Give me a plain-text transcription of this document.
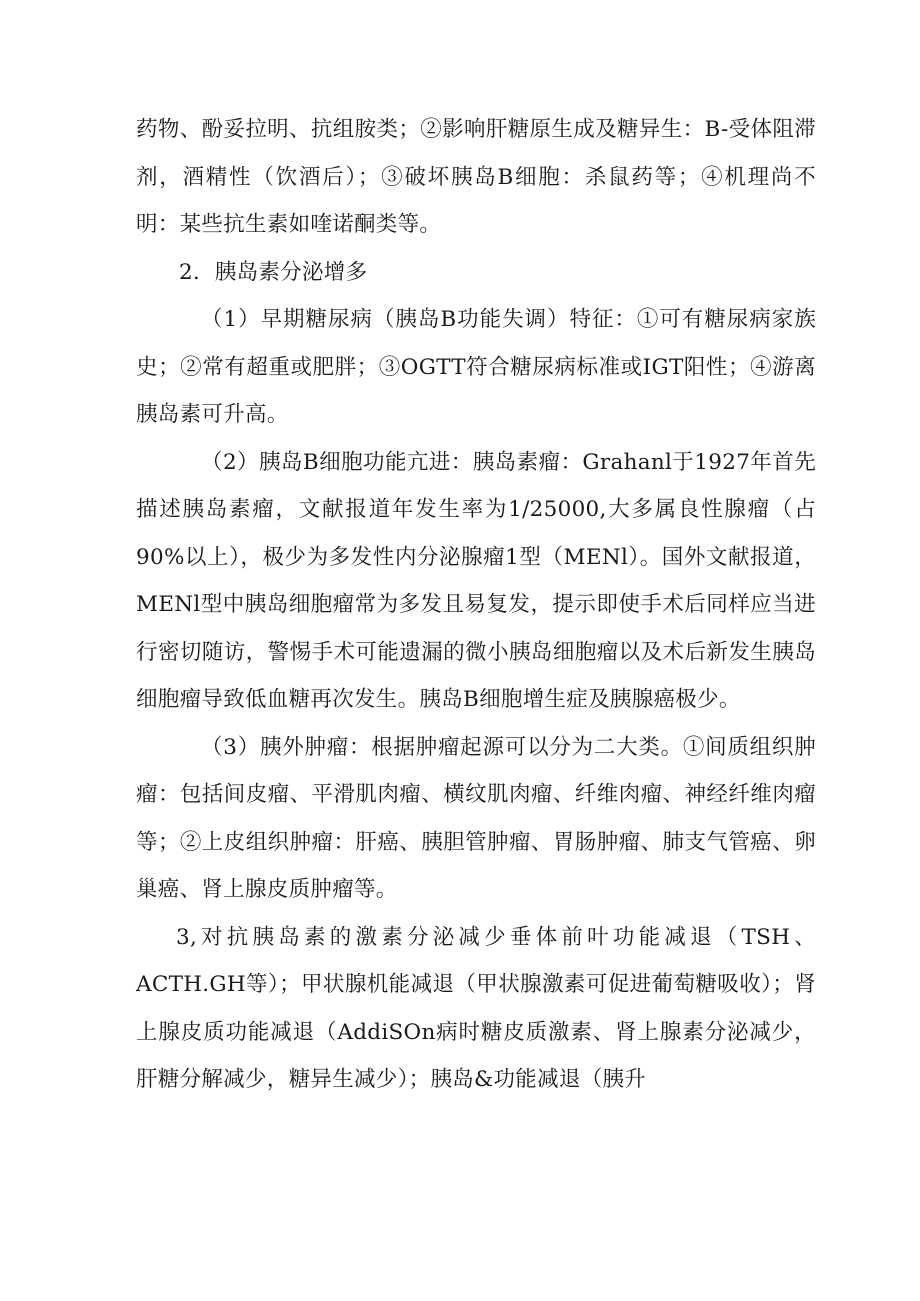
药物、酚妥拉明、抗组胺类；②影响肝糖原生成及糖异生：B-受体阻滞剂，酒精性（饮酒后）；③破坏胰岛B细胞：杀鼠药等；④机理尚不明：某些抗生素如喹诺酮类等。

2．胰岛素分泌增多

（1）早期糖尿病（胰岛B功能失调）特征：①可有糖尿病家族史；②常有超重或肥胖；③OGTT符合糖尿病标准或IGT阳性；④游离胰岛素可升高。

（2）胰岛B细胞功能亢进：胰岛素瘤：Grahanl于1927年首先描述胰岛素瘤，文献报道年发生率为1/25000,大多属良性腺瘤（占90%以上），极少为多发性内分泌腺瘤1型（MENl）。国外文献报道，MENl型中胰岛细胞瘤常为多发且易复发，提示即使手术后同样应当进行密切随访，警惕手术可能遗漏的微小胰岛细胞瘤以及术后新发生胰岛细胞瘤导致低血糖再次发生。胰岛B细胞增生症及胰腺癌极少。

（3）胰外肿瘤：根据肿瘤起源可以分为二大类。①间质组织肿瘤：包括间皮瘤、平滑肌肉瘤、横纹肌肉瘤、纤维肉瘤、神经纤维肉瘤等；②上皮组织肿瘤：肝癌、胰胆管肿瘤、胃肠肿瘤、肺支气管癌、卵巢癌、肾上腺皮质肿瘤等。

3,对抗胰岛素的激素分泌减少垂体前叶功能减退（TSH、ACTH.GH等）；甲状腺机能减退（甲状腺激素可促进葡萄糖吸收）；肾上腺皮质功能减退（AddiSOn病时糖皮质激素、肾上腺素分泌减少，肝糖分解减少，糖异生减少）；胰岛&功能减退（胰升
